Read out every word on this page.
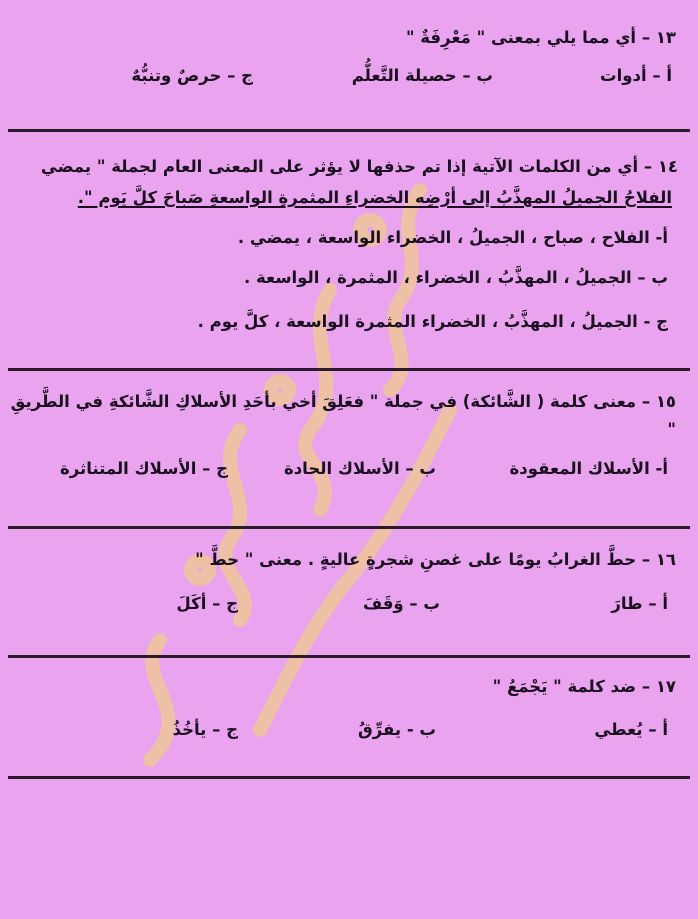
١٣ – أي مما يلي بمعنى " مَعْرِفَةٌ "
أ – أدوات
ب – حصيلة التَّعلُّم
ج – حرصٌ وتنبُّهٌ
١٤ – أي من الكلمات الآتية إذا تم حذفها لا يؤثر على المعنى العام لجملة " يمضي
الفلاحُ الجميلُ المهذَّبُ إلى أرْضِه الخضراءِ المثمرةِ الواسعةِ صَباحَ كلَّ يَوم ".
أ- الفلاح ، صباح ، الجميلُ ، الخضراء الواسعة ، يمضي .
ب – الجميلُ ، المهذَّبُ ، الخضراء ، المثمرة ، الواسعة .
ج - الجميلُ ، المهذَّبُ ، الخضراء المثمرة الواسعة ، كلَّ يوم .
١٥ – معنى كلمة ( الشَّائكة) في جملة " فعَلِقَ أخي بأحَدِ الأسلاكِ الشَّائكةِ في الطَّريقِ
"
أ- الأسلاك المعقودة
ب – الأسلاك الحادة
ج – الأسلاك المتناثرة
١٦ – حطَّ الغرابُ يومًا على غصنِ شجرةٍ عاليةٍ . معنى " حطَّ "
أ – طارَ
ب – وَقَفَ
ج – أكَلَ
١٧ – ضد كلمة " يَجْمَعُ "
أ – يُعطي
ب - يفرِّقُ
ج – يأخُذُ
